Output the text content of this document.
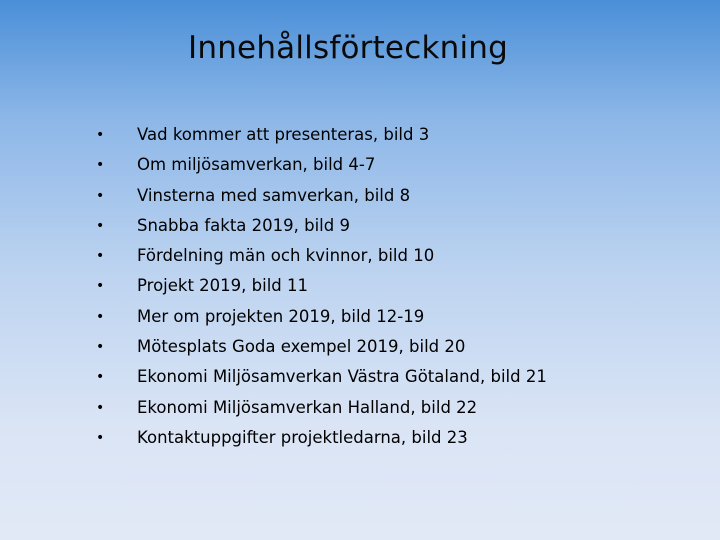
Innehållsförteckning
•	Vad kommer att presenteras, bild 3
•	Om miljösamverkan, bild 4-7
•	Vinsterna med samverkan, bild 8
•	Snabba fakta 2019, bild 9
•	Fördelning män och kvinnor, bild 10
•	Projekt 2019, bild 11
•	Mer om projekten 2019, bild 12-19
•	Mötesplats Goda exempel 2019, bild 20
•	Ekonomi Miljösamverkan Västra Götaland, bild 21
•	Ekonomi Miljösamverkan Halland, bild 22
•	Kontaktuppgifter projektledarna, bild 23
